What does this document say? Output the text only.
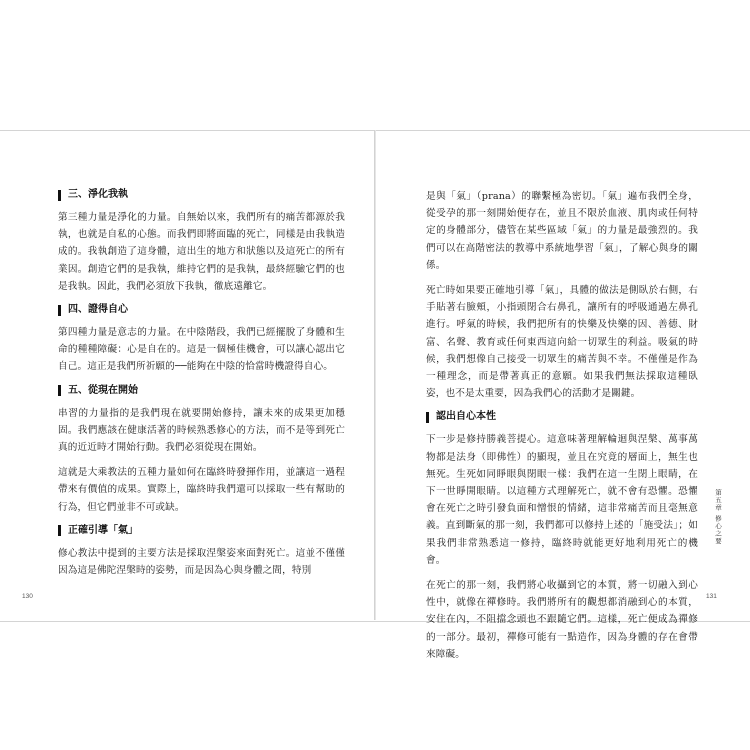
三、淨化我執

第三種力量是淨化的力量。自無始以來，我們所有的痛苦都源於我執，也就是自私的心態。而我們即將面臨的死亡，同樣是由我執造成的。我執創造了這身體，這出生的地方和狀態以及這死亡的所有業因。創造它們的是我執，維持它們的是我執，最終經驗它們的也是我執。因此，我們必須放下我執，徹底遠離它。

四、證得自心

第四種力量是意志的力量。在中陰階段，我們已經擺脫了身體和生命的種種障礙：心是自在的。這是一個極佳機會，可以讓心認出它自己。這正是我們所祈願的──能夠在中陰的恰當時機證得自心。

五、從現在開始

串習的力量指的是我們現在就要開始修持，讓未來的成果更加穩固。我們應該在健康活著的時候熟悉修心的方法，而不是等到死亡真的近近時才開始行動。我們必須從現在開始。

這就是大乘教法的五種力量如何在臨終時發揮作用，並讓這一過程帶來有價值的成果。實際上，臨終時我們還可以採取一些有幫助的行為，但它們並非不可或缺。

正確引導「氣」

修心教法中提到的主要方法是採取涅槃姿來面對死亡。這並不僅僅因為這是佛陀涅槃時的姿勢，而是因為心與身體之間，特別

130

是與「氣」（prana）的聯繫極為密切。「氣」遍布我們全身，從受孕的那一刻開始便存在，並且不限於血液、肌肉或任何特定的身體部分，儘管在某些區域「氣」的力量是最強烈的。我們可以在高階密法的教導中系統地學習「氣」，了解心與身的關係。

死亡時如果要正確地引導「氣」，具體的做法是側臥於右側，右手貼著右臉頰，小指頭閉合右鼻孔，讓所有的呼吸通過左鼻孔進行。呼氣的時候，我們把所有的快樂及快樂的因、善德、財富、名聲、教育或任何東西這向給一切眾生的利益。吸氣的時候，我們想像自己接受一切眾生的痛苦與不幸。不僅僅是作為一種理念，而是帶著真正的意願。如果我們無法採取這種臥姿，也不是太重要，因為我們心的活動才是關鍵。

認出自心本性

下一步是修持勝義菩提心。這意味著理解輪迴與涅槃、萬事萬物都是法身（即佛性）的顯現，並且在究竟的層面上，無生也無死。生死如同睜眼與閉眼一樣：我們在這一生閉上眼睛，在下一世睜開眼睛。以這種方式理解死亡，就不會有恐懼。恐懼會在死亡之時引發負面和憎恨的情緒，這非常痛苦而且毫無意義。直到斷氣的那一刻，我們都可以修持上述的「施受法」；如果我們非常熟悉這一修持，臨終時就能更好地利用死亡的機會。

在死亡的那一刻，我們將心收攝到它的本質，將一切融入到心性中，就像在禪修時。我們將所有的觀想都消融到心的本質，安住在內，不阻擋念頭也不跟隨它們。這樣，死亡便成為禪修的一部分。最初，禪修可能有一點造作，因為身體的存在會帶來障礙。

第五章
修心之要
131
